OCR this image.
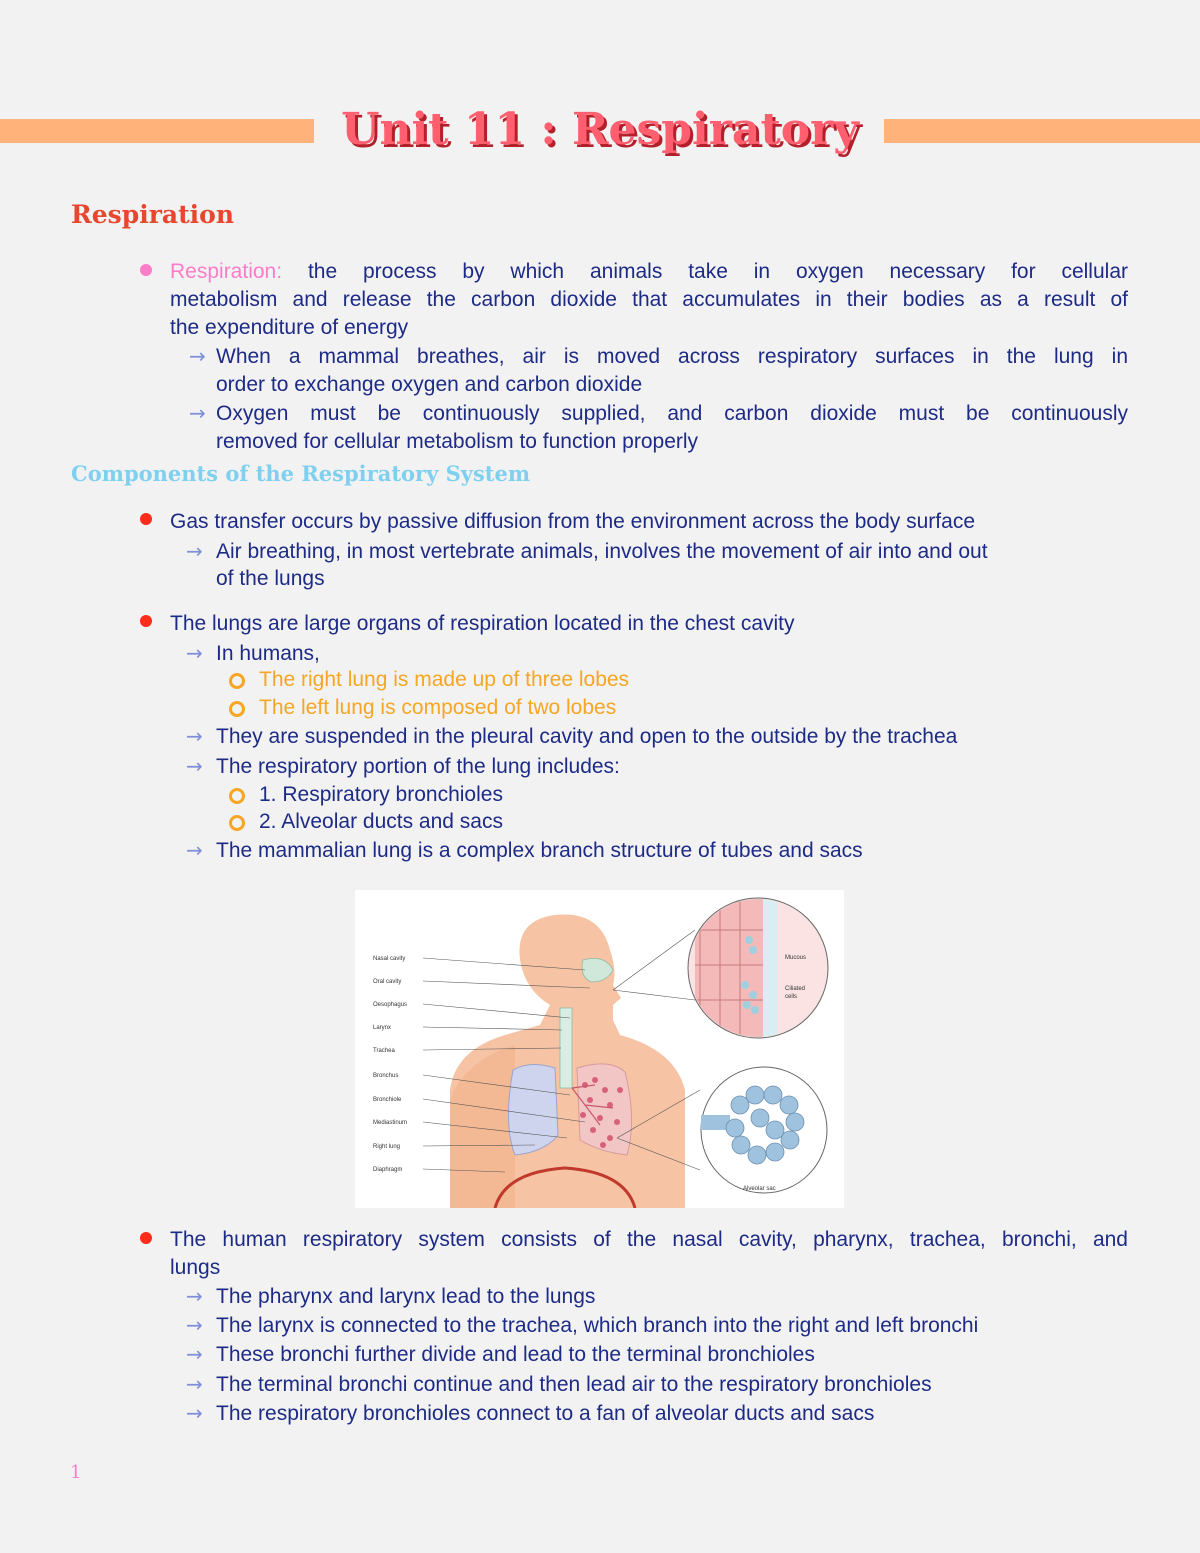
Unit 11 : Respiratory
Respiration
Respiration: the process by which animals take in oxygen necessary for cellular
metabolism and release the carbon dioxide that accumulates in their bodies as a result of
the expenditure of energy
→ When a mammal breathes, air is moved across respiratory surfaces in the lung in
order to exchange oxygen and carbon dioxide
→ Oxygen must be continuously supplied, and carbon dioxide must be continuously
removed for cellular metabolism to function properly
Components of the Respiratory System
Gas transfer occurs by passive diffusion from the environment across the body surface
→ Air breathing, in most vertebrate animals, involves the movement of air into and out
of the lungs
The lungs are large organs of respiration located in the chest cavity
→ In humans,
The right lung is made up of three lobes
The left lung is composed of two lobes
→ They are suspended in the pleural cavity and open to the outside by the trachea
→ The respiratory portion of the lung includes:
1. Respiratory bronchioles
2. Alveolar ducts and sacs
→ The mammalian lung is a complex branch structure of tubes and sacs
Nasal cavity
Oral cavity
Oesophagus
Larynx
Trachea
Bronchus
Bronchiole
Mediastinum
Right lung
Diaphragm
Mucous
Ciliated
cells
Alveolar sac
The human respiratory system consists of the nasal cavity, pharynx, trachea, bronchi, and
lungs
→ The pharynx and larynx lead to the lungs
→ The larynx is connected to the trachea, which branch into the right and left bronchi
→ These bronchi further divide and lead to the terminal bronchioles
→ The terminal bronchi continue and then lead air to the respiratory bronchioles
→ The respiratory bronchioles connect to a fan of alveolar ducts and sacs
1
